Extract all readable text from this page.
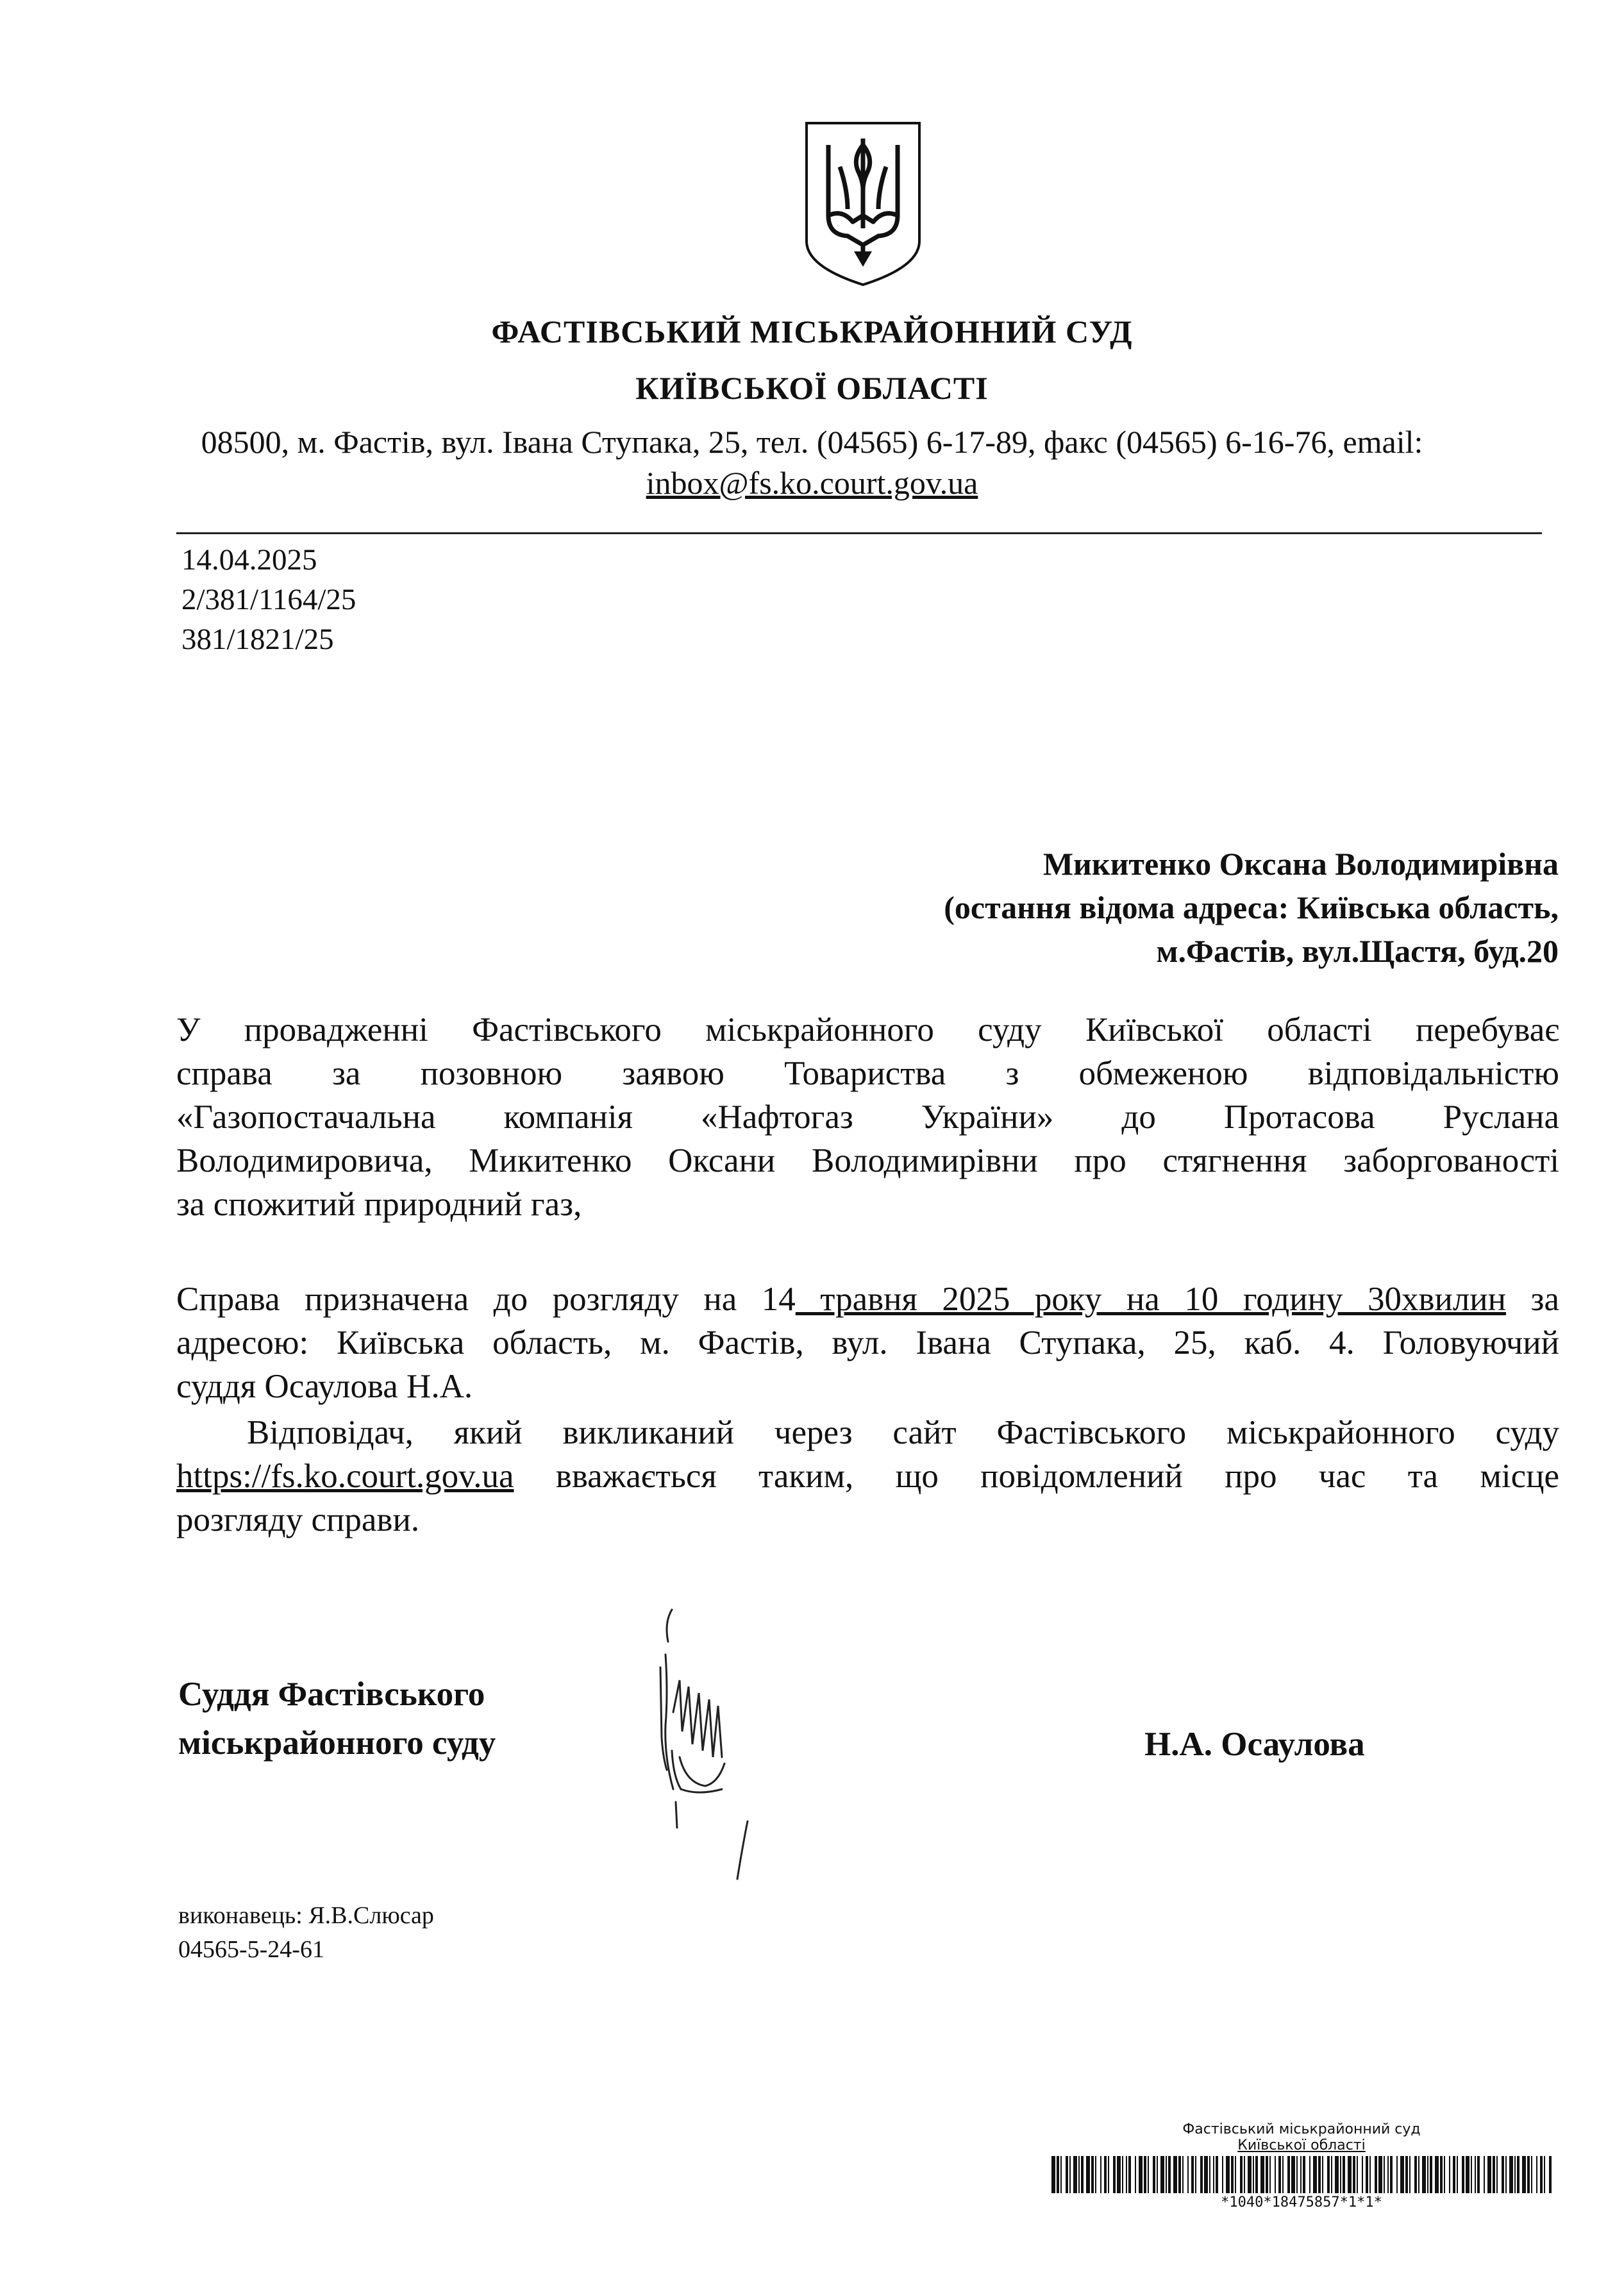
ФАСТІВСЬКИЙ МІСЬКРАЙОННИЙ СУД
КИЇВСЬКОЇ ОБЛАСТІ
08500, м. Фастів, вул. Івана Ступака, 25, тел. (04565) 6-17-89, факс (04565) 6-16-76, email:
inbox@fs.ko.court.gov.ua
14.04.2025
2/381/1164/25
381/1821/25
Микитенко Оксана Володимирівна
(остання відома адреса: Київська область,
м.Фастів, вул.Щастя, буд.20
У провадженні Фастівського міськрайонного суду Київської області перебуває
справа за позовною заявою Товариства з обмеженою відповідальністю
«Газопостачальна компанія «Нафтогаз України» до Протасова Руслана
Володимировича, Микитенко Оксани Володимирівни про стягнення заборгованості
за спожитий природний газ,
Справа призначена до розгляду на 14 травня 2025 року на 10 годину 30хвилин за
адресою: Київська область, м. Фастів, вул. Івана Ступака, 25, каб. 4. Головуючий
суддя Осаулова Н.А.
Відповідач, який викликаний через сайт Фастівського міськрайонного суду
https://fs.ko.court.gov.ua вважається таким, що повідомлений про час та місце
розгляду справи.
Суддя Фастівського
міськрайонного суду	Н.А. Осаулова
виконавець: Я.В.Слюсар
04565-5-24-61
Фастівський міськрайонний суд
Київської області
*1040*18475857*1*1*
